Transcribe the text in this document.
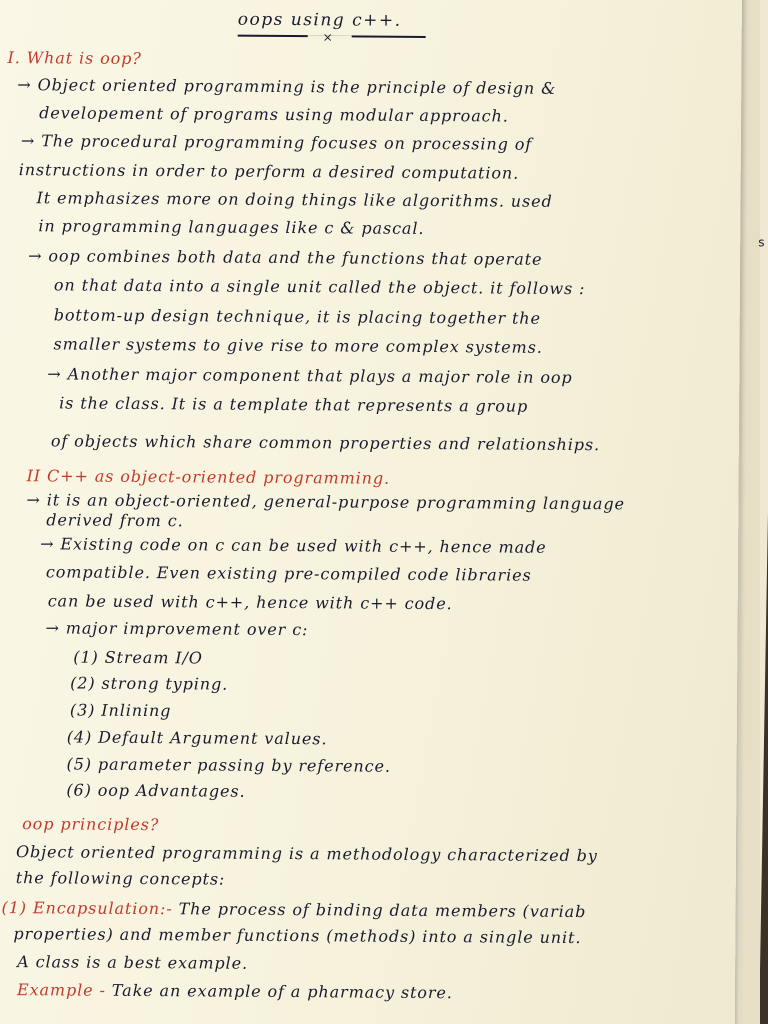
oops using c++.
×
s
I. What is oop?
→ Object oriented programming is the principle of design &
developement of programs using modular approach.
→ The procedural programming focuses on processing of
instructions in order to perform a desired computation.
It emphasizes more on doing things like algorithms. used
in programming languages like c & pascal.
→ oop combines both data and the functions that operate
on that data into a single unit called the object. it follows :
bottom-up design technique, it is placing together the
smaller systems to give rise to more complex systems.
→ Another major component that plays a major role in oop
is the class. It is a template that represents a group
of objects which share common properties and relationships.
II C++ as object-oriented programming.
→ it is an object-oriented, general-purpose programming language
derived from c.
→ Existing code on c can be used with c++, hence made
compatible. Even existing pre-compiled code libraries
can be used with c++, hence with c++ code.
→ major improvement over c:
(1) Stream I/O
(2) strong typing.
(3) Inlining
(4) Default Argument values.
(5) parameter passing by reference.
(6) oop Advantages.
oop principles?
Object oriented programming is a methodology characterized by
the following concepts:
(1) Encapsulation:- The process of binding data members (variab
properties) and member functions (methods) into a single unit.
A class is a best example.
Example - Take an example of a pharmacy store.
